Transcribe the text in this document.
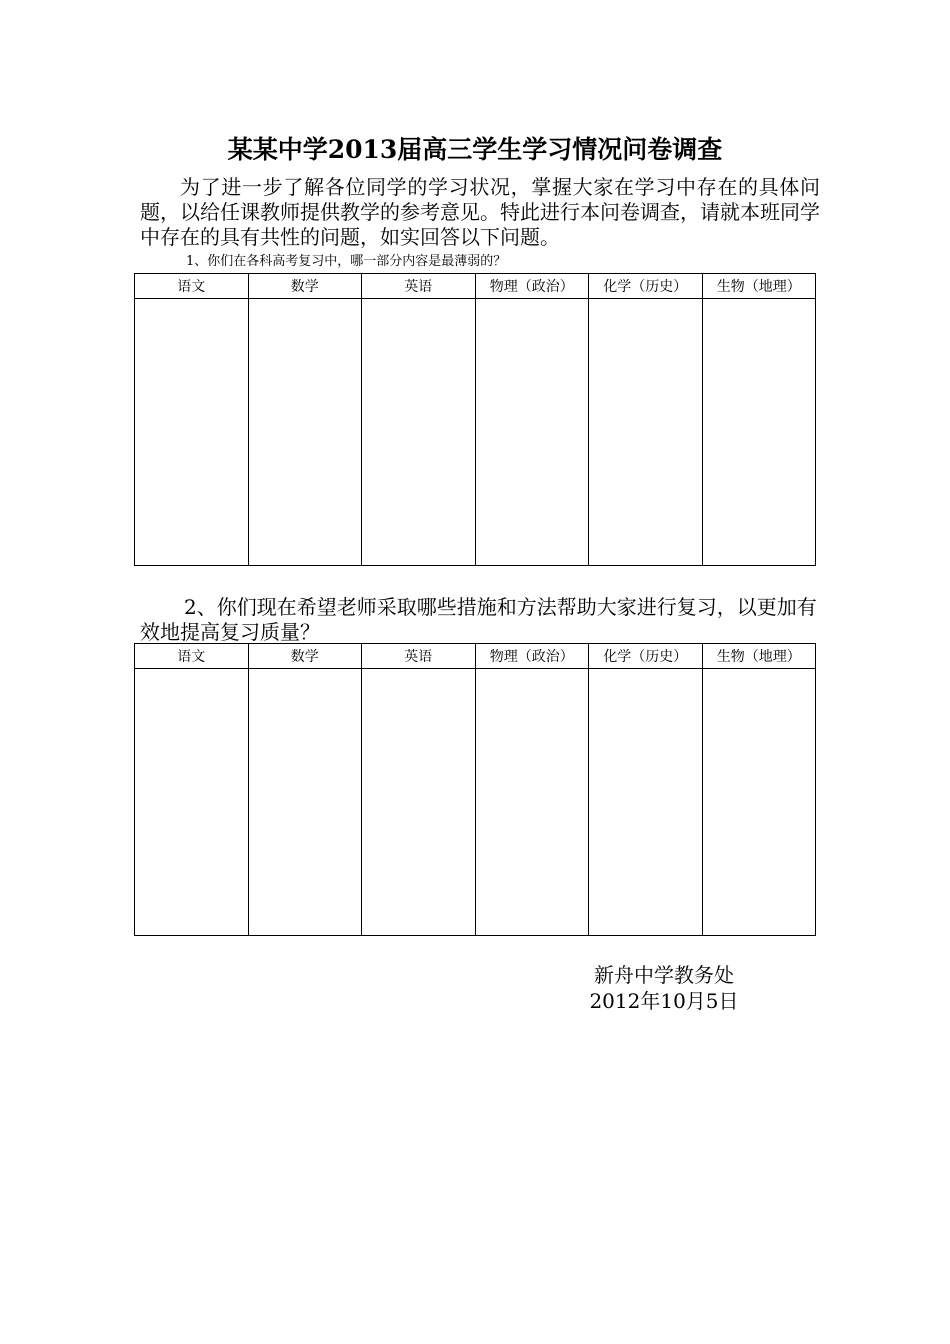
某某中学2013届高三学生学习情况问卷调查

为了进一步了解各位同学的学习状况，掌握大家在学习中存在的具体问题，以给任课教师提供教学的参考意见。特此进行本问卷调查，请就本班同学中存在的具有共性的问题，如实回答以下问题。

1、你们在各科高考复习中，哪一部分内容是最薄弱的？
语文	数学	英语	物理（政治）	化学（历史）	生物（地理）

2、你们现在希望老师采取哪些措施和方法帮助大家进行复习，以更加有效地提高复习质量？

语文	数学	英语	物理（政治）	化学（历史）	生物（地理）

新舟中学教务处
2012年10月5日
